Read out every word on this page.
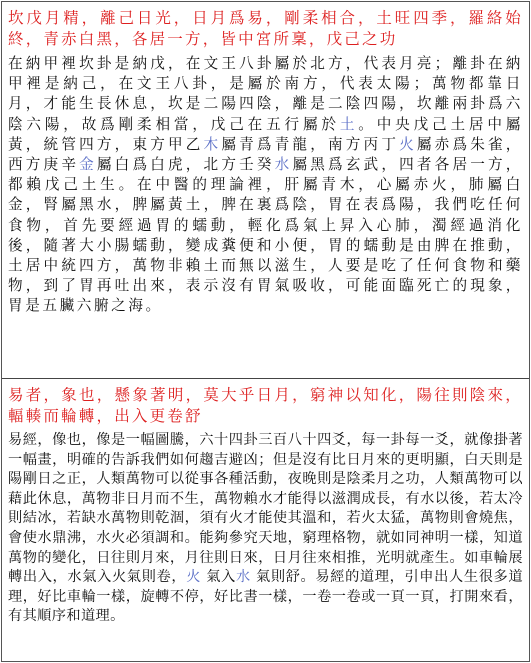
坎戊月精，離己日光，日月爲易，剛柔相合，土旺四季，羅絡始終，青赤白黑，各居一方，皆中宮所稟，戊己之功

在納甲裡坎卦是納戊，在文王八卦屬於北方，代表月亮；離卦在納甲裡是納己，在文王八卦，是屬於南方，代表太陽；萬物都靠日月，才能生長休息，坎是二陽四陰，離是二陰四陽，坎離兩卦爲六陰六陽，故爲剛柔相當，戊己在五行屬於土。中央戊己土居中屬黃，統管四方，東方甲乙木屬青爲青龍，南方丙丁火屬赤爲朱雀，西方庚辛金屬白爲白虎，北方壬癸水屬黑爲玄武，四者各居一方，都賴戊己土生。在中醫的理論裡，肝屬青木，心屬赤火，肺屬白金，腎屬黑水，脾屬黃土，脾在裏爲陰，胃在表爲陽，我們吃任何食物，首先要經過胃的蠕動，輕化爲氣上昇入心肺，濁經過消化後，隨著大小腸蠕動，變成糞便和小便，胃的蠕動是由脾在推動，土居中統四方，萬物非賴土而無以滋生，人要是吃了任何食物和藥物，到了胃再吐出來，表示沒有胃氣吸收，可能面臨死亡的現象，胃是五臟六腑之海。

易者，象也，懸象著明，莫大乎日月，窮神以知化，陽往則陰來，輻輳而輪轉，出入更卷舒

易經，像也，像是一幅圖騰，六十四卦三百八十四爻，每一卦每一爻，就像掛著一幅畫，明確的告訴我們如何趨吉避凶；但是沒有比日月來的更明顯，白天則是陽剛日之正，人類萬物可以從事各種活動，夜晚則是陰柔月之功，人類萬物可以藉此休息，萬物非日月而不生，萬物賴水才能得以滋潤成長，有水以後，若太冷則結冰，若缺水萬物則乾涸，須有火才能使其溫和，若火太猛，萬物則會燒焦，會使水鼎沸，水火必須調和。能夠參究天地，窮理格物，就如同神明一樣，知道萬物的變化，日往則月來，月往則日來，日月往來相推，光明就產生。如車輪展轉出入，水氣入火氣則卷，火 氣入水 氣則舒。易經的道理，引申出人生很多道理，好比車輪一樣，旋轉不停，好比書一樣，一卷一卷或一頁一頁，打開來看，有其順序和道理。
